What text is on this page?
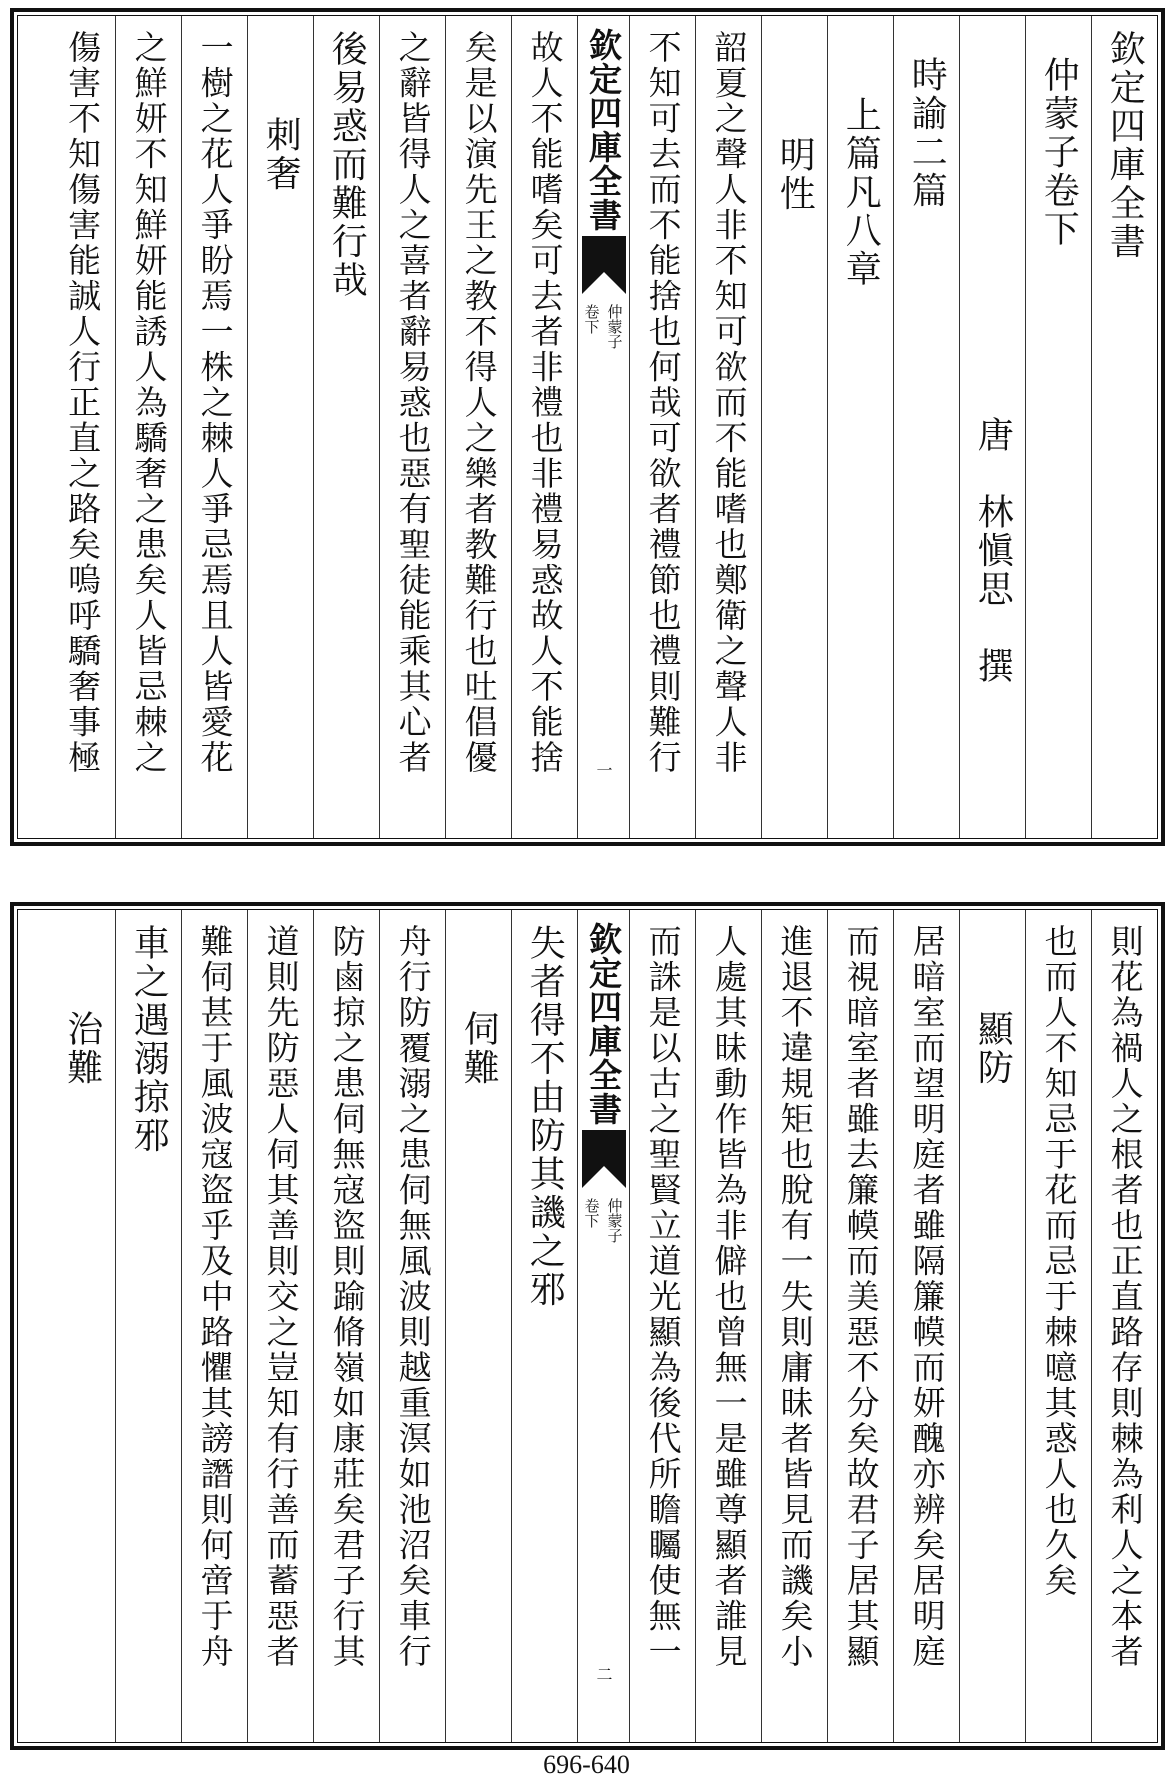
欽定四庫全書
仲蒙子卷下
唐　林愼思　撰
時諭二篇
上篇凡八章
明性
韶夏之聲人非不知可欲而不能嗜也鄭衛之聲人非
不知可去而不能捨也何哉可欲者禮節也禮則難行
欽定四庫全書
仲蒙子
卷下
一
故人不能嗜矣可去者非禮也非禮易惑故人不能捨
矣是以演先王之教不得人之樂者教難行也吐倡優
之辭皆得人之喜者辭易惑也惡有聖徒能乘其心者
後易惑而難行哉
刺奢
一樹之花人爭盼焉一株之棘人爭忌焉且人皆愛花
之鮮妍不知鮮妍能誘人為驕奢之患矣人皆忌棘之
傷害不知傷害能誠人行正直之路矣嗚呼驕奢事極
則花為禍人之根者也正直路存則棘為利人之本者
也而人不知忌于花而忌于棘噫其惑人也久矣
顯防
居暗室而望明庭者雖隔簾幙而妍醜亦辨矣居明庭
而視暗室者雖去簾幙而美惡不分矣故君子居其顯
進退不違規矩也脫有一失則庸昧者皆見而譏矣小
人處其昧動作皆為非僻也曾無一是雖尊顯者誰見
而誅是以古之聖賢立道光顯為後代所瞻矚使無一
欽定四庫全書
仲蒙子
卷下
二
失者得不由防其譏之邪
伺難
舟行防覆溺之患伺無風波則越重溟如池沼矣車行
防鹵掠之患伺無寇盜則踰脩嶺如康莊矣君子行其
道則先防惡人伺其善則交之豈知有行善而蓄惡者
難伺甚于風波寇盜乎及中路懼其謗譖則何啻于舟
車之遇溺掠邪
治難
696-640
